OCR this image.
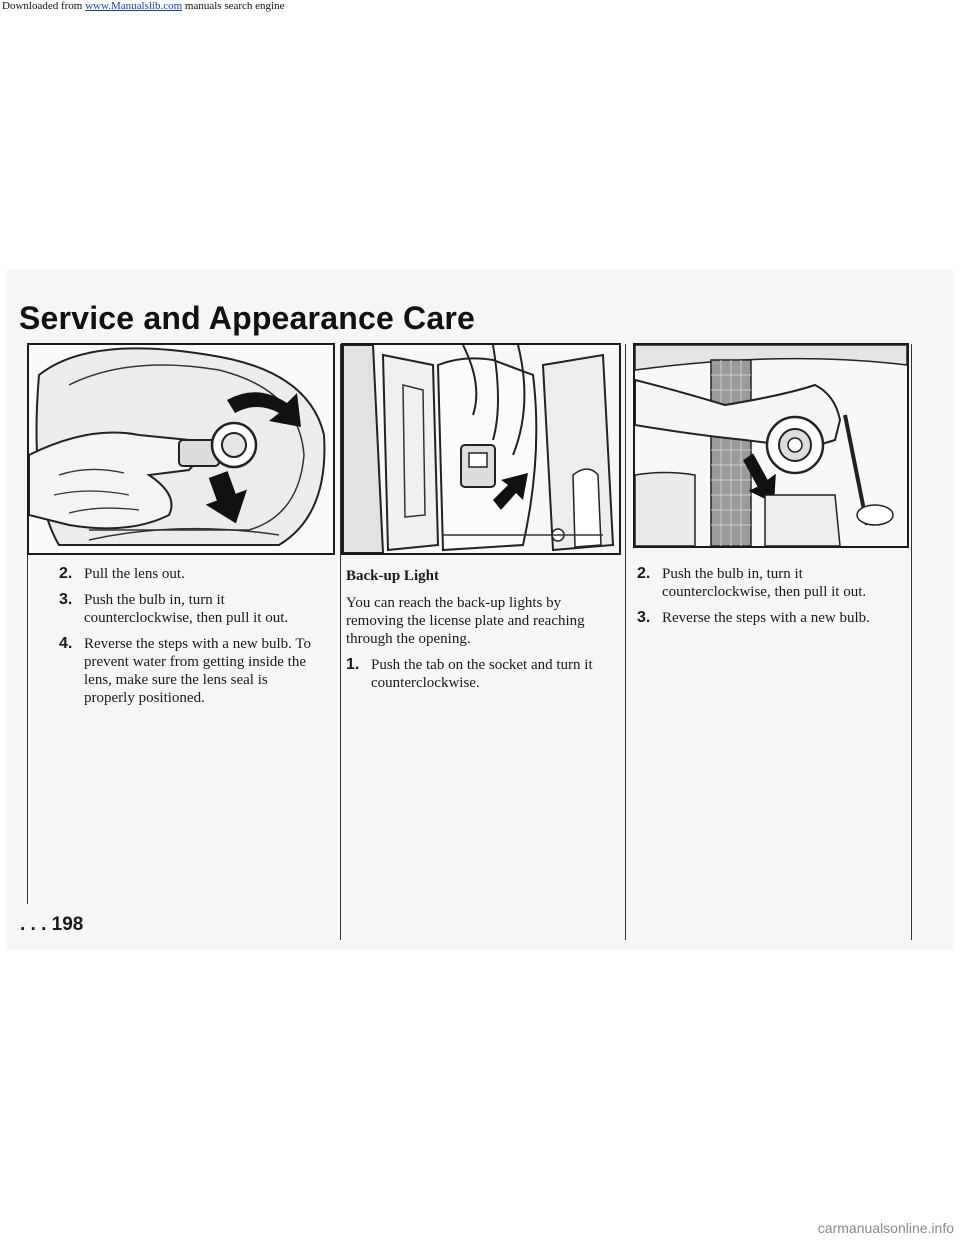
Downloaded from www.Manualslib.com manuals search engine
Service and Appearance Care
2. Pull the lens out.
3. Push the bulb in, turn it counterclockwise, then pull it out.
4. Reverse the steps with a new bulb. To prevent water from getting inside the lens, make sure the lens seal is properly positioned.
Back-up Light

You can reach the back-up lights by removing the license plate and reaching through the opening.

1. Push the tab on the socket and turn it counterclockwise.
2. Push the bulb in, turn it counterclockwise, then pull it out.
3. Reverse the steps with a new bulb.
. . . 198
carmanualsonline.info
